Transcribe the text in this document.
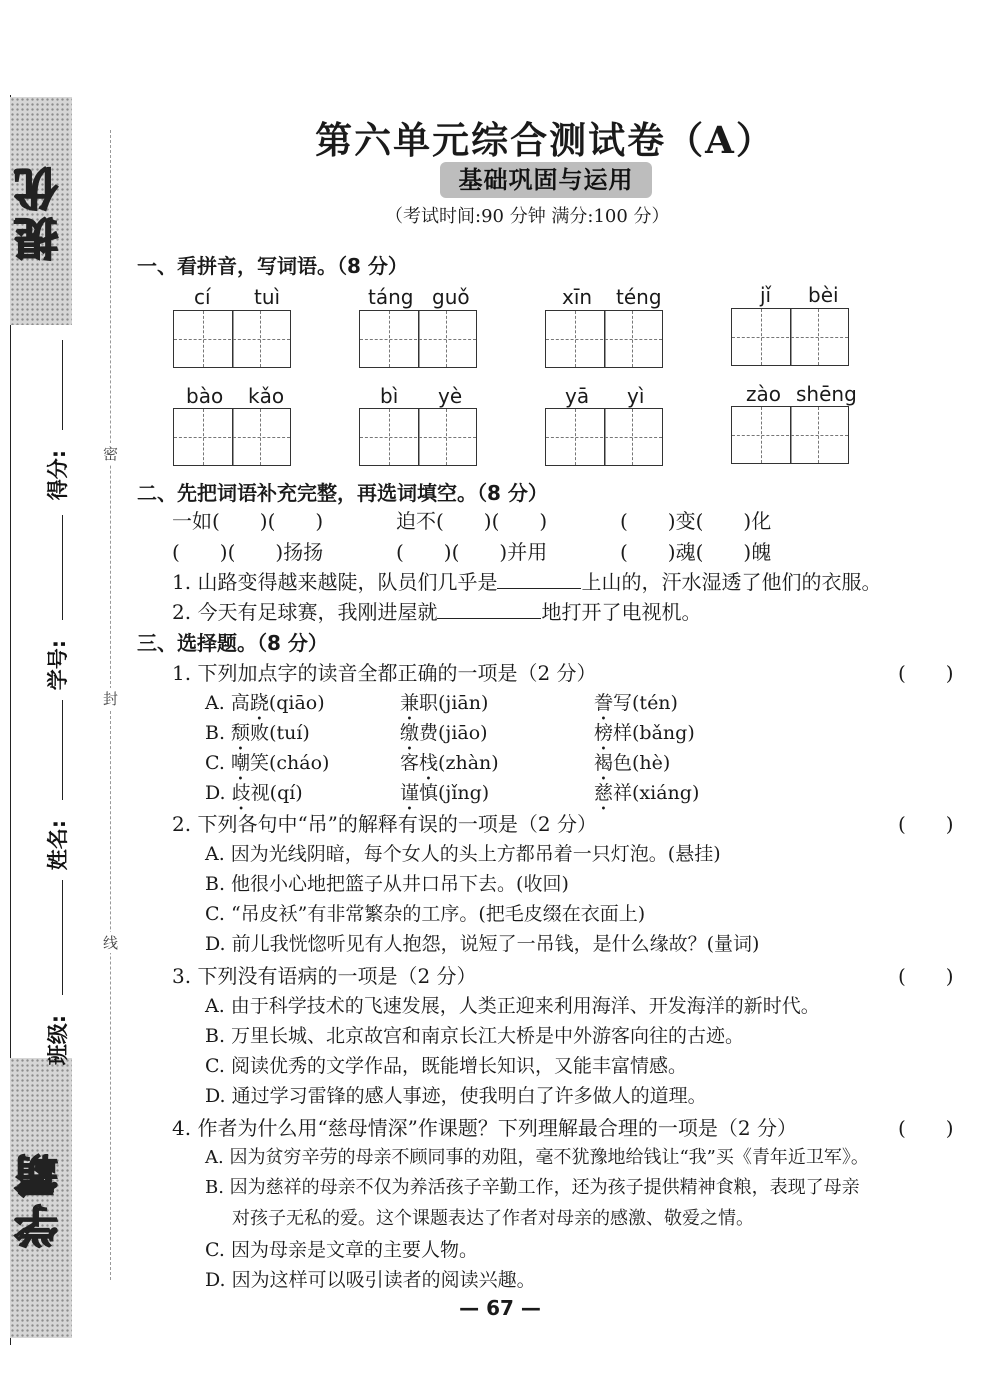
提优
学霸
得分:
学号:
姓名:
班级:
密
封
线
第六单元综合测试卷（A）
基础巩固与运用
（考试时间:90 分钟 满分:100 分）
一、看拼音，写词语。（8 分）
cí tuì	táng guǒ	xīn téng	jǐ bèi
bào kǎo	bì yè	yā yì	zào shēng
二、先把词语补充完整，再选词填空。（8 分）
一如(　　)(　　)	迫不(　　)(　　)	(　　)变(　　)化
(　　)(　　)扬扬	(　　)(　　)并用	(　　)魂(　　)魄
1. 山路变得越来越陡，队员们几乎是	上山的，汗水湿透了他们的衣服。
2. 今天有足球赛，我刚进屋就	地打开了电视机。
三、选择题。（8 分）
1. 下列加点字的读音全都正确的一项是（2 分）	(　　)
A. 高跷(qiāo)	兼职(jiān)	誊写(tén)
B. 颓败(tuí)	缴费(jiāo)	榜样(bǎng)
C. 嘲笑(cháo)	客栈(zhàn)	褐色(hè)
D. 歧视(qí)	谨慎(jǐng)	慈祥(xiáng)
2. 下列各句中“吊”的解释有误的一项是（2 分）	(　　)
A. 因为光线阴暗，每个女人的头上方都吊着一只灯泡。(悬挂)
B. 他很小心地把篮子从井口吊下去。(收回)
C. “吊皮袄”有非常繁杂的工序。(把毛皮缀在衣面上)
D. 前儿我恍惚听见有人抱怨，说短了一吊钱，是什么缘故？(量词)
3. 下列没有语病的一项是（2 分）	(　　)
A. 由于科学技术的飞速发展，人类正迎来利用海洋、开发海洋的新时代。
B. 万里长城、北京故宫和南京长江大桥是中外游客向往的古迹。
C. 阅读优秀的文学作品，既能增长知识，又能丰富情感。
D. 通过学习雷锋的感人事迹，使我明白了许多做人的道理。
4. 作者为什么用“慈母情深”作课题？下列理解最合理的一项是（2 分）	(　　)
A. 因为贫穷辛劳的母亲不顾同事的劝阻，毫不犹豫地给钱让“我”买《青年近卫军》。
B. 因为慈祥的母亲不仅为养活孩子辛勤工作，还为孩子提供精神食粮，表现了母亲
对孩子无私的爱。这个课题表达了作者对母亲的感激、敬爱之情。
C. 因为母亲是文章的主要人物。
D. 因为这样可以吸引读者的阅读兴趣。
— 67 —
